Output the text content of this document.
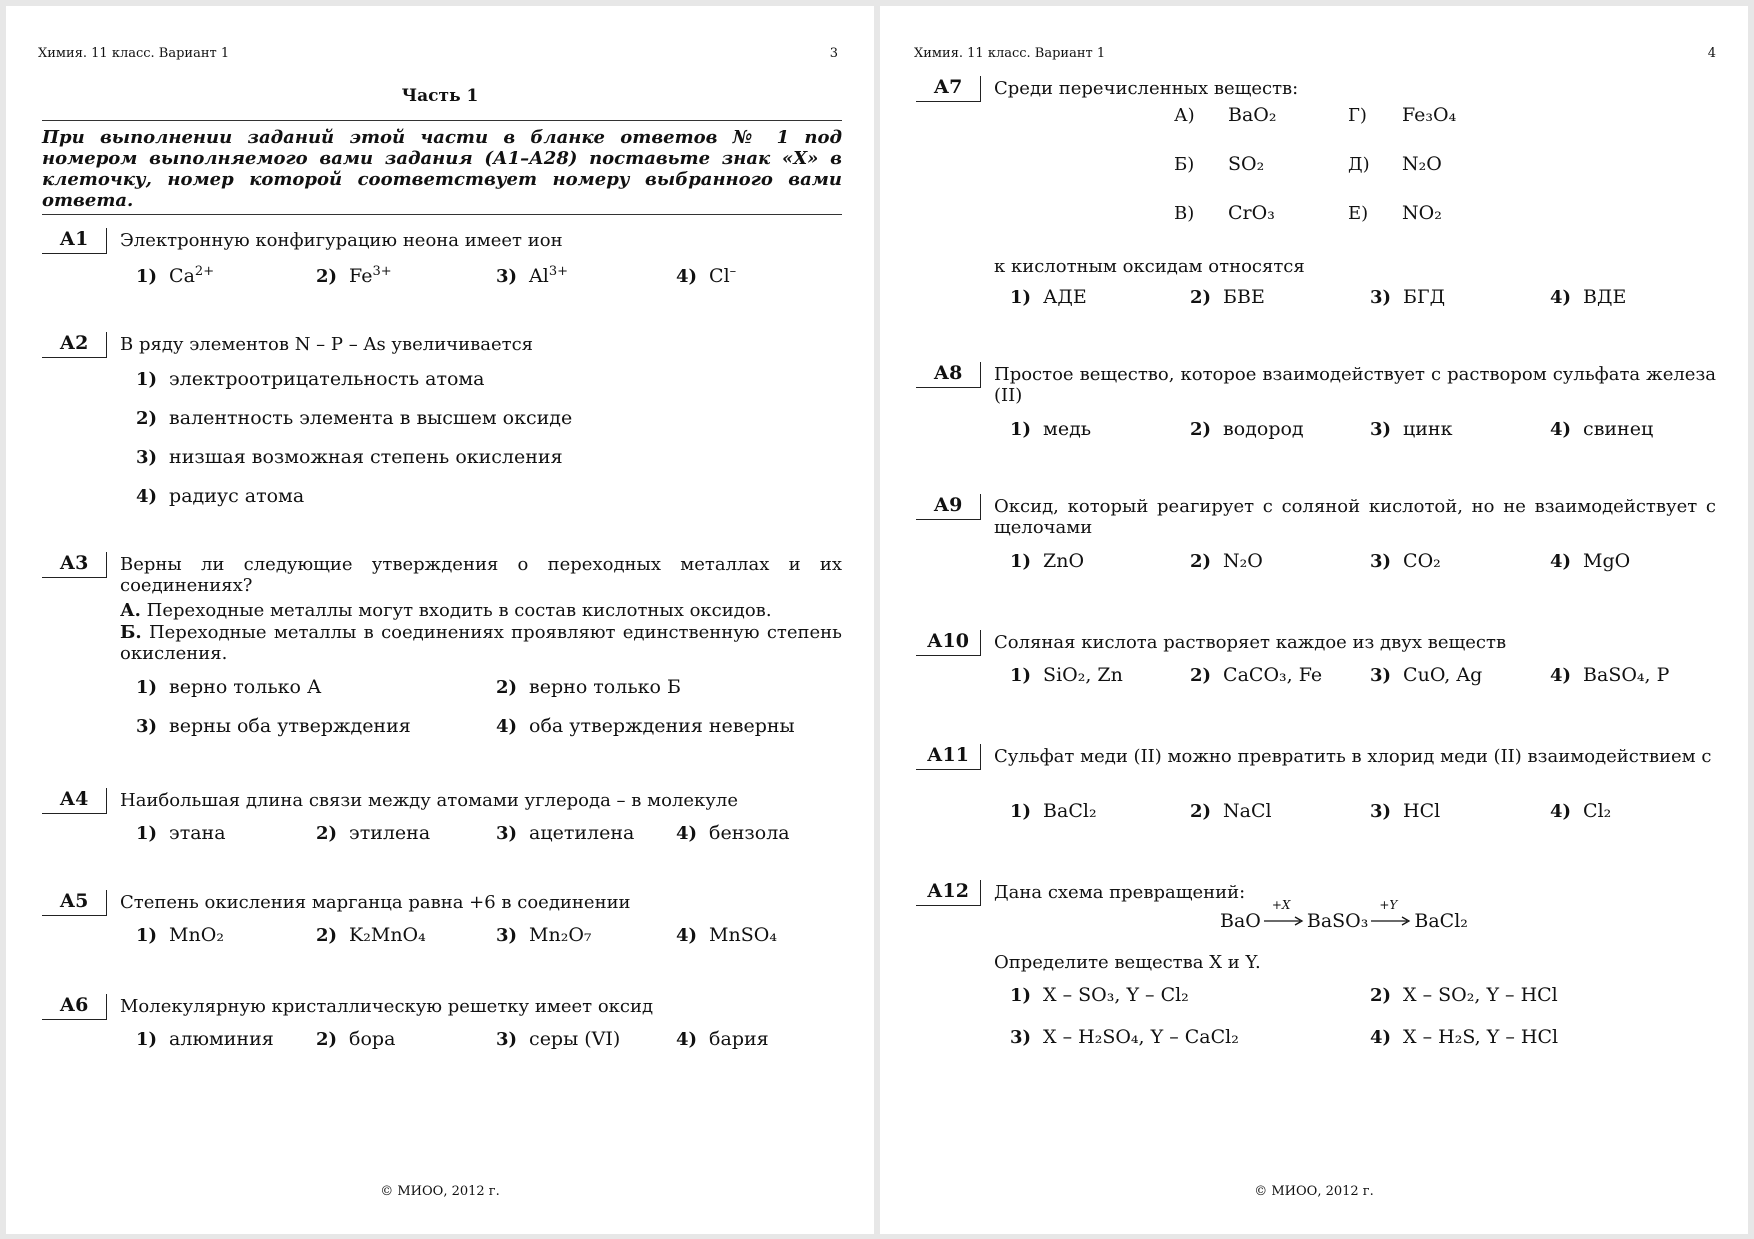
Химия. 11 класс. Вариант 1	3
Часть 1
При выполнении заданий этой части в бланке ответов № 1 под номером выполняемого вами задания (А1–А28) поставьте знак «Х» в клеточку, номер которой соответствует номеру выбранного вами ответа.
А1	Электронную конфигурацию неона имеет ион
1) $Ca^{2+}$	2) $Fe^{3+}$	3) $Al^{3+}$	4) Cl–
А2	В ряду элементов N – P – As увеличивается
1) электроотрицательность атома
2) валентность элемента в высшем оксиде
3) низшая возможная степень окисления
4) радиус атома
А3	Верны ли следующие утверждения о переходных металлах и их соединениях?
А. Переходные металлы могут входить в состав кислотных оксидов.
Б. Переходные металлы в соединениях проявляют единственную степень окисления.
1) верно только А	2) верно только Б
3) верны оба утверждения	4) оба утверждения неверны
А4	Наибольшая длина связи между атомами углерода – в молекуле
1) этана	2) этилена	3) ацетилена 4) бензола
А5	Степень окисления марганца равна +6 в соединении
1) MnO₂	2) K₂MnO₄	3) Mn₂O₇	4) MnSO₄
А6	Молекулярную кристаллическую решетку имеет оксид
1) алюминия 2) бора	3) серы (VI)	4) бария
© МИОО, 2012 г.
Химия. 11 класс. Вариант 1	4
А7	Среди перечисленных веществ:
А) BaO₂	Г) Fe₃O₄
Б) SO₂	Д) N₂O
В) CrO₃	Е) NO₂
к кислотным оксидам относятся
1) АДЕ	2) БВЕ	3) БГД	4) ВДЕ
А8	Простое вещество, которое взаимодействует с раствором сульфата железа (II)
1) медь	2) водород	3) цинк	4) свинец
А9	Оксид, который реагирует с соляной кислотой, но не взаимодействует с щелочами
1) ZnO	2) N₂O	3) CO₂	4) MgO
А10	Соляная кислота растворяет каждое из двух веществ
1) SiO₂, Zn	2) CaCO₃, Fe	3) CuO, Ag	4) BaSO₄, P
А11	Сульфат меди (II) можно превратить в хлорид меди (II) взаимодействием с
1) BaCl₂	2) NaCl	3) HCl	4) Cl₂
А12	Дана схема превращений:
BaO
+X
BaSO₃
+Y
BaCl₂
Определите вещества X и Y.
1) X – SO₃, Y – Cl₂	2) X – SO₂, Y – HCl
3) X – H₂SO₄, Y – CaCl₂	4) X – H₂S, Y – HCl
© МИОО, 2012 г.
